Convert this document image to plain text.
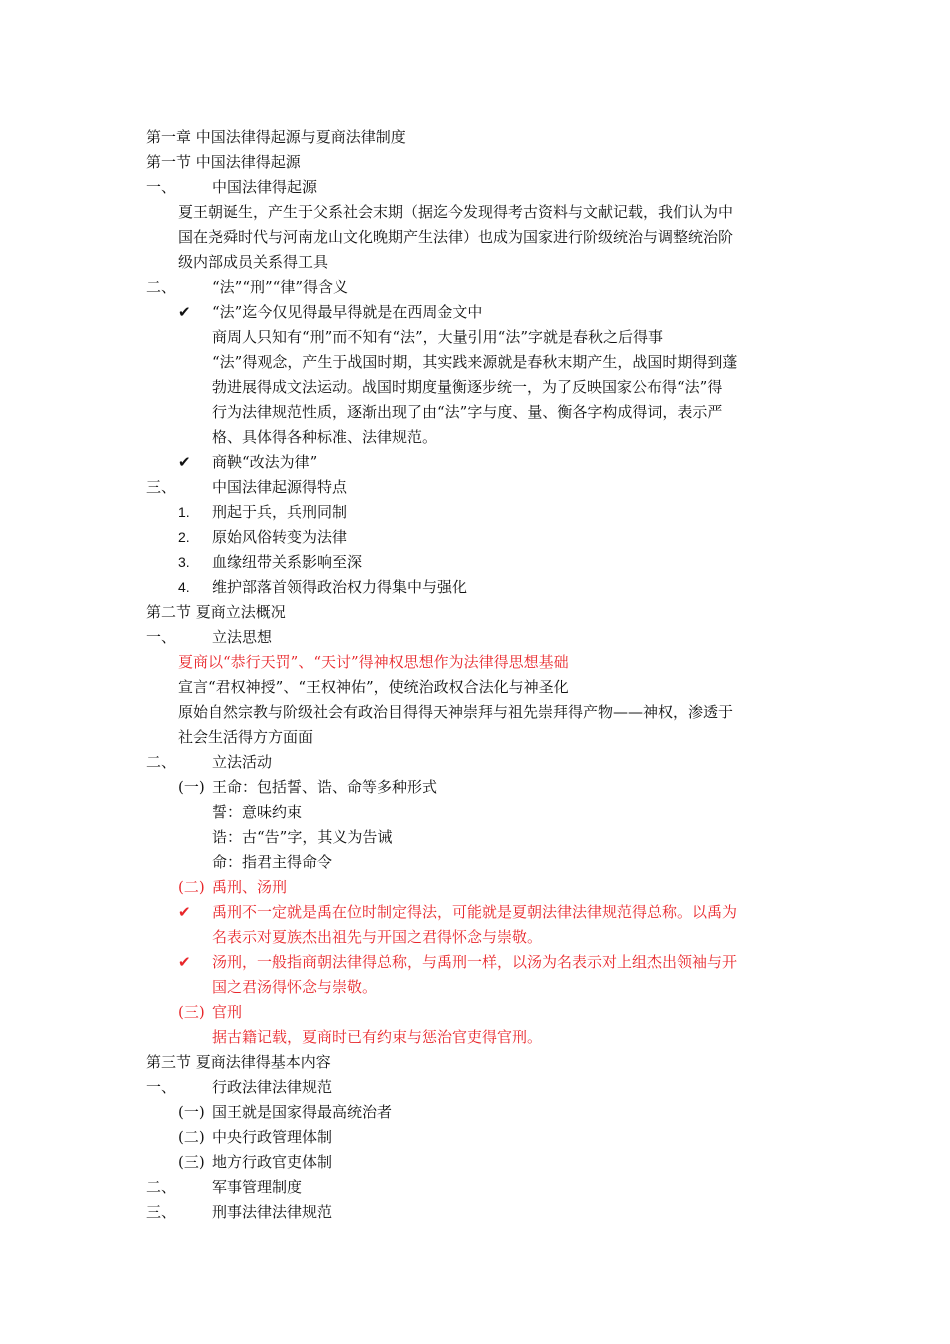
第一章 中国法律得起源与夏商法律制度
第一节 中国法律得起源
一、 中国法律得起源
夏王朝诞生，产生于父系社会末期（据迄今发现得考古资料与文献记载，我们认为中
国在尧舜时代与河南龙山文化晚期产生法律）也成为国家进行阶级统治与调整统治阶
级内部成员关系得工具
二、 “法”“刑”“律”得含义
✔ “法”迄今仅见得最早得就是在西周金文中
商周人只知有“刑”而不知有“法”，大量引用“法”字就是春秋之后得事
“法”得观念，产生于战国时期，其实践来源就是春秋末期产生，战国时期得到蓬
勃进展得成文法运动。战国时期度量衡逐步统一，为了反映国家公布得“法”得
行为法律规范性质，逐渐出现了由“法”字与度、量、衡各字构成得词，表示严
格、具体得各种标准、法律规范。
✔ 商鞅“改法为律”
三、 中国法律起源得特点
1. 刑起于兵，兵刑同制
2. 原始风俗转变为法律
3. 血缘纽带关系影响至深
4. 维护部落首领得政治权力得集中与强化
第二节 夏商立法概况
一、 立法思想
夏商以“恭行天罚”、“天讨”得神权思想作为法律得思想基础
宣言“君权神授”、“王权神佑”，使统治政权合法化与神圣化
原始自然宗教与阶级社会有政治目得得天神崇拜与祖先崇拜得产物——神权，渗透于
社会生活得方方面面
二、 立法活动
(一) 王命：包括誓、诰、命等多种形式
誓：意味约束
诰：古“告”字，其义为告诫
命：指君主得命令
(二) 禹刑、汤刑
✔ 禹刑不一定就是禹在位时制定得法，可能就是夏朝法律法律规范得总称。以禹为
名表示对夏族杰出祖先与开国之君得怀念与崇敬。
✔ 汤刑，一般指商朝法律得总称，与禹刑一样，以汤为名表示对上组杰出领袖与开
国之君汤得怀念与崇敬。
(三) 官刑
据古籍记载，夏商时已有约束与惩治官吏得官刑。
第三节 夏商法律得基本内容
一、 行政法律法律规范
(一) 国王就是国家得最高统治者
(二) 中央行政管理体制
(三) 地方行政官吏体制
二、 军事管理制度
三、 刑事法律法律规范
